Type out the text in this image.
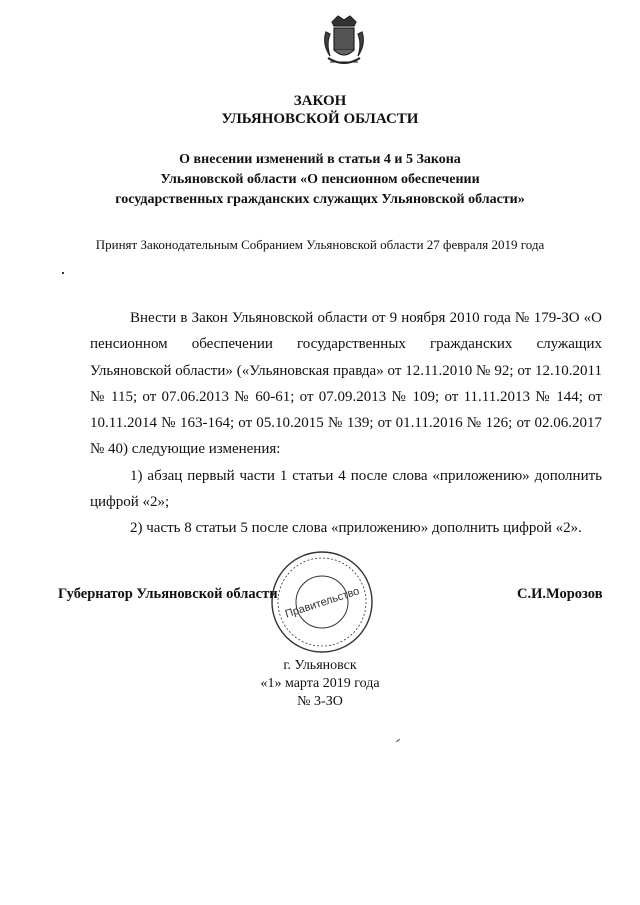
ЗАКОН
УЛЬЯНОВСКОЙ ОБЛАСТИ
О внесении изменений в статьи 4 и 5 Закона
Ульяновской области «О пенсионном обеспечении
государственных гражданских служащих Ульяновской области»
Принят Законодательным Собранием Ульяновской области 27 февраля 2019 года

Внести в Закон Ульяновской области от 9 ноября 2010 года № 179-ЗО «О пенсионном обеспечении государственных гражданских служащих Ульяновской области» («Ульяновская правда» от 12.11.2010 № 92; от 12.10.2011 № 115; от 07.06.2013 № 60-61; от 07.09.2013 № 109; от 11.11.2013 № 144; от 10.11.2014 № 163-164; от 05.10.2015 № 139; от 01.11.2016 № 126; от 02.06.2017 № 40) следующие изменения:

1) абзац первый части 1 статьи 4 после слова «приложению» дополнить цифрой «2»;

2) часть 8 статьи 5 после слова «приложению» дополнить цифрой «2».

Правительство
Губернатор Ульяновской области	С.И.Морозов
г. Ульяновск
«1» марта 2019 года
№ 3-ЗО
